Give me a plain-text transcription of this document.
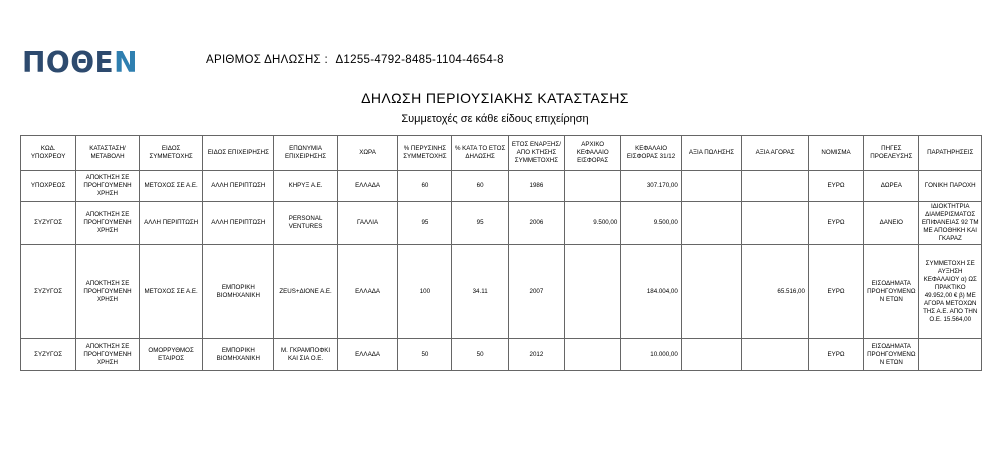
ΠΟΘΕΝ	ΑΡΙΘΜΟΣ ΔΗΛΩΣΗΣ : Δ1255-4792-8485-1104-4654-8
ΔΗΛΩΣΗ ΠΕΡΙΟΥΣΙΑΚΗΣ ΚΑΤΑΣΤΑΣΗΣ
Συμμετοχές σε κάθε είδους επιχείρηση
ΚΩΔ. ΥΠΟΧΡΕΟΥ	ΚΑΤΑΣΤΑΣΗ/ ΜΕΤΑΒΟΛΗ	ΕΙΔΟΣ ΣΥΜΜΕΤΟΧΗΣ	ΕΙΔΟΣ ΕΠΙΧΕΙΡΗΣΗΣ	ΕΠΩΝΥΜΙΑ ΕΠΙΧΕΙΡΗΣΗΣ	ΧΩΡΑ	% ΠΕΡΥΣΙΝΗΣ ΣΥΜΜΕΤΟΧΗΣ	% ΚΑΤΑ ΤΟ ΕΤΟΣ ΔΗΛΩΣΗΣ	ΕΤΟΣ ΕΝΑΡΞΗΣ/ΑΠΟ ΚΤΗΣΗΣ ΣΥΜΜΕΤΟΧΗΣ	ΑΡΧΙΚΟ ΚΕΦΑΛΑΙΟ ΕΙΣΦΟΡΑΣ	ΚΕΦΑΛΑΙΟ ΕΙΣΦΟΡΑΣ 31/12	ΑΞΙΑ ΠΩΛΗΣΗΣ	ΑΞΙΑ ΑΓΟΡΑΣ	ΝΟΜΙΣΜΑ	ΠΗΓΕΣ ΠΡΟΕΛΕΥΣΗΣ	ΠΑΡΑΤΗΡΗΣΕΙΣ
ΥΠΟΧΡΕΟΣ	ΑΠΟΚΤΗΣΗ ΣΕ ΠΡΟΗΓΟΥΜΕΝΗ ΧΡΗΣΗ	ΜΕΤΟΧΟΣ ΣΕ Α.Ε.	ΑΛΛΗ ΠΕΡΙΠΤΩΣΗ	ΚΗΡΥΞ Α.Ε.	ΕΛΛΑΔΑ	60	60	1986		307.170,00			ΕΥΡΩ	ΔΩΡΕΑ	ΓΟΝΙΚΗ ΠΑΡΟΧΗ
ΣΥΖΥΓΟΣ	ΑΠΟΚΤΗΣΗ ΣΕ ΠΡΟΗΓΟΥΜΕΝΗ ΧΡΗΣΗ	ΑΛΛΗ ΠΕΡΙΠΤΩΣΗ	ΑΛΛΗ ΠΕΡΙΠΤΩΣΗ	PERSONAL VENTURES	ΓΑΛΛΙΑ	95	95	2006	9.500,00	9.500,00			ΕΥΡΩ	ΔΑΝΕΙΟ	ΙΔΙΟΚΤΗΤΡΙΑ ΔΙΑΜΕΡΙΣΜΑΤΟΣ ΕΠΙΦΑΝΕΙΑΣ 92 ΤΜ ΜΕ ΑΠΟΘΗΚΗ ΚΑΙ ΓΚΑΡΑΖ
ΣΥΖΥΓΟΣ	ΑΠΟΚΤΗΣΗ ΣΕ ΠΡΟΗΓΟΥΜΕΝΗ ΧΡΗΣΗ	ΜΕΤΟΧΟΣ ΣΕ Α.Ε.	ΕΜΠΟΡΙΚΗ ΒΙΟΜΗΧΑΝΙΚΗ	ZEUS+ΔΙΟΝΕ Α.Ε.	ΕΛΛΑΔΑ	100	34.11	2007		184.004,00		65.516,00	ΕΥΡΩ	ΕΙΣΟΔΗΜΑΤΑ ΠΡΟΗΓΟΥΜΕΝΩ Ν ΕΤΩΝ	ΣΥΜΜΕΤΟΧΗ ΣΕ ΑΥΞΗΣΗ ΚΕΦΑΛΑΙΟΥ α) ΩΣ ΠΡΑΚΤΙΚΟ 49.952,00 € β) ΜΕ ΑΓΟΡΑ ΜΕΤΟΧΩΝ ΤΗΣ Α.Ε. ΑΠΟ ΤΗΝ Ο.Ε. 15.564,00
ΣΥΖΥΓΟΣ	ΑΠΟΚΤΗΣΗ ΣΕ ΠΡΟΗΓΟΥΜΕΝΗ ΧΡΗΣΗ	ΟΜΟΡΡΥΘΜΟΣ ΕΤΑΙΡΟΣ	ΕΜΠΟΡΙΚΗ ΒΙΟΜΗΧΑΝΙΚΗ	Μ. ΓΚΡΑΜΠΟΦΚΙ ΚΑΙ ΣΙΑ Ο.Ε.	ΕΛΛΑΔΑ	50	50	2012		10.000,00			ΕΥΡΩ	ΕΙΣΟΔΗΜΑΤΑ ΠΡΟΗΓΟΥΜΕΝΩ Ν ΕΤΩΝ	
